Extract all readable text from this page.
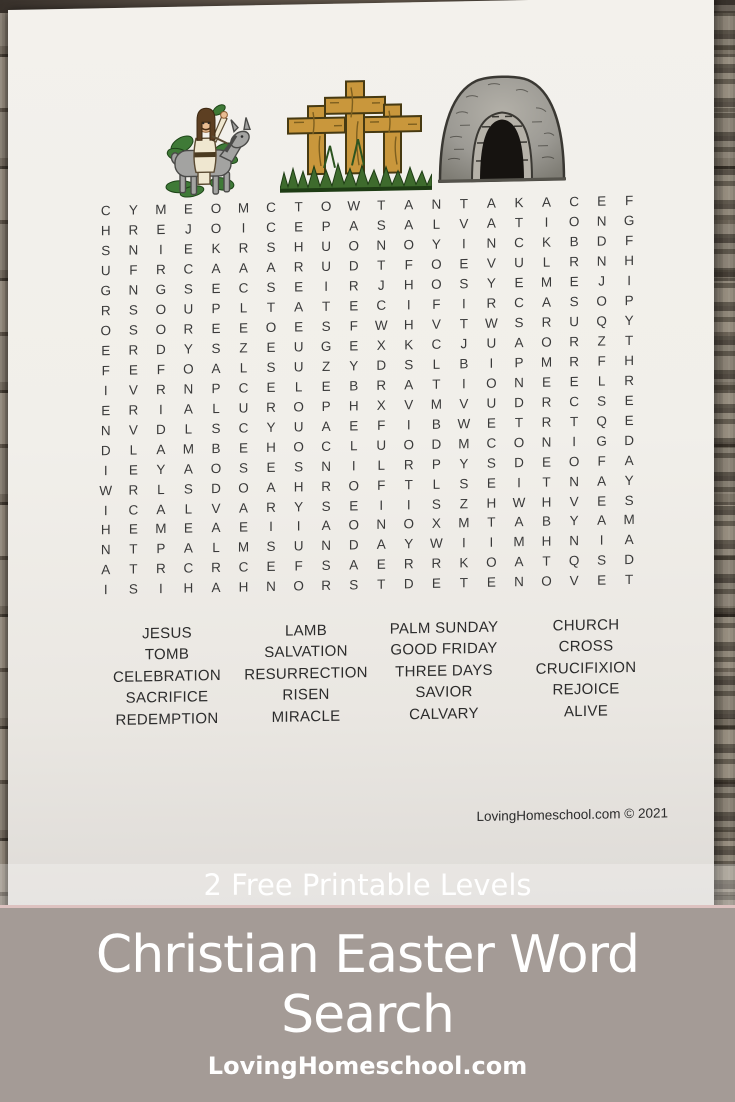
C	Y	M	E	O	M	C	T	O	W	T	A	N	T	A	K	A	C	E	F
H	R	E	J	O	I	C	E	P	A	S	A	L	V	A	T	I	O	N	G
S	N	I	E	K	R	S	H	U	O	N	O	Y	I	N	C	K	B	D	F
U	F	R	C	A	A	A	R	U	D	T	F	O	E	V	U	L	R	N	H
G	N	G	S	E	C	S	E	I	R	J	H	O	S	Y	E	M	E	J	I
R	S	O	U	P	L	T	A	T	E	C	I	F	I	R	C	A	S	O	P
O	S	O	R	E	E	O	E	S	F	W	H	V	T	W	S	R	U	Q	Y
E	R	D	Y	S	Z	E	U	G	E	X	K	C	J	U	A	O	R	Z	T
F	E	F	O	A	L	S	U	Z	Y	D	S	L	B	I	P	M	R	F	H
I	V	R	N	P	C	E	L	E	B	R	A	T	I	O	N	E	E	L	R
E	R	I	A	L	U	R	O	P	H	X	V	M	V	U	D	R	C	S	E
N	V	D	L	S	C	Y	U	A	E	F	I	B	W	E	T	R	T	Q	E
D	L	A	M	B	E	H	O	C	L	U	O	D	M	C	O	N	I	G	D
I	E	Y	A	O	S	E	S	N	I	L	R	P	Y	S	D	E	O	F	A
W	R	L	S	D	O	A	H	R	O	F	T	L	S	E	I	T	N	A	Y
I	C	A	L	V	A	R	Y	S	E	I	I	S	Z	H	W	H	V	E	S
H	E	M	E	A	E	I	I	A	O	N	O	X	M	T	A	B	Y	A	M
N	T	P	A	L	M	S	U	N	D	A	Y	W	I	I	M	H	N	I	A
A	T	R	C	R	C	E	F	S	A	E	R	R	K	O	A	T	Q	S	D
I	S	I	H	A	H	N	O	R	S	T	D	E	T	E	N	O	V	E	T
JESUS
TOMB
CELEBRATION
SACRIFICE
REDEMPTION
LAMB
SALVATION
RESURRECTION
RISEN
MIRACLE
PALM SUNDAY
GOOD FRIDAY
THREE DAYS
SAVIOR
CALVARY
CHURCH
CROSS
CRUCIFIXION
REJOICE
ALIVE
LovingHomeschool.com © 2021
2 Free Printable Levels
Christian Easter Word
Search
LovingHomeschool.com
